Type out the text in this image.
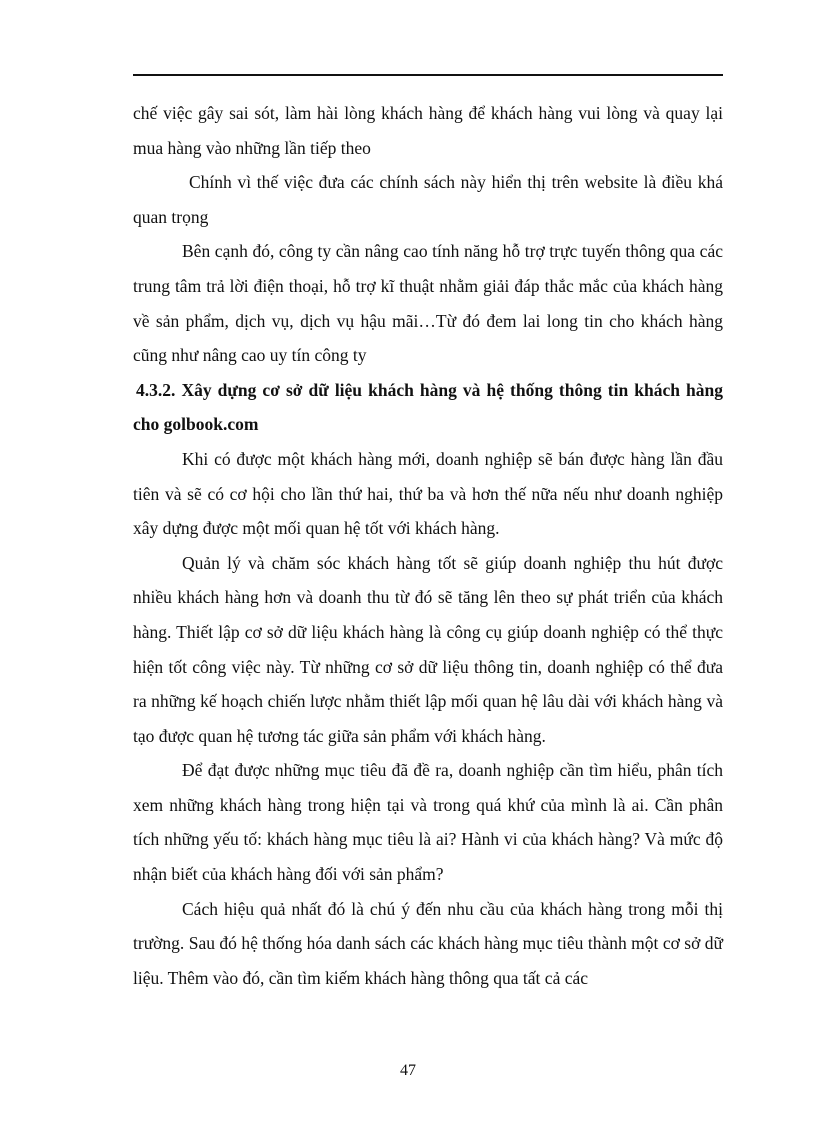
chế việc gây sai sót, làm hài lòng khách hàng để khách hàng vui lòng và quay lại mua hàng vào những lần tiếp theo

Chính vì thế việc đưa các chính sách này hiển thị trên website là điều khá quan trọng

Bên cạnh đó, công ty cần nâng cao tính năng hỗ trợ trực tuyến thông qua các trung tâm trả lời điện thoại, hỗ trợ kĩ thuật nhằm giải đáp thắc mắc của khách hàng về sản phẩm, dịch vụ, dịch vụ hậu mãi…Từ đó đem lai long tin cho khách hàng cũng như nâng cao uy tín công ty

4.3.2. Xây dựng cơ sở dữ liệu khách hàng và hệ thống thông tin khách hàng cho golbook.com

Khi có được một khách hàng mới, doanh nghiệp sẽ bán được hàng lần đầu tiên và sẽ có cơ hội cho lần thứ hai, thứ ba và hơn thế nữa nếu như doanh nghiệp xây dựng được một mối quan hệ tốt với khách hàng.

Quản lý và chăm sóc khách hàng tốt sẽ giúp doanh nghiệp thu hút được nhiều khách hàng hơn và doanh thu từ đó sẽ tăng lên theo sự phát triển của khách hàng. Thiết lập cơ sở dữ liệu khách hàng là công cụ giúp doanh nghiệp có thể thực hiện tốt công việc này. Từ những cơ sở dữ liệu thông tin, doanh nghiệp có thể đưa ra những kế hoạch chiến lược nhằm thiết lập mối quan hệ lâu dài với khách hàng và tạo được quan hệ tương tác giữa sản phẩm với khách hàng.

Để đạt được những mục tiêu đã đề ra, doanh nghiệp cần tìm hiểu, phân tích xem những khách hàng trong hiện tại và trong quá khứ của mình là ai. Cần phân tích những yếu tố: khách hàng mục tiêu là ai? Hành vi của khách hàng? Và mức độ nhận biết của khách hàng đối với sản phẩm?

Cách hiệu quả nhất đó là chú ý đến nhu cầu của khách hàng trong mỗi thị trường. Sau đó hệ thống hóa danh sách các khách hàng mục tiêu thành một cơ sở dữ liệu. Thêm vào đó, cần tìm kiếm khách hàng thông qua tất cả các

47
